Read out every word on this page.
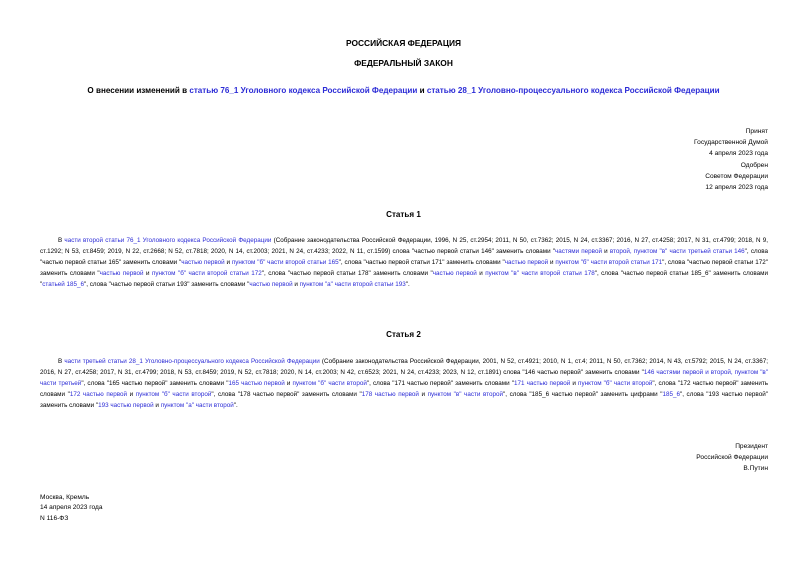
РОССИЙСКАЯ ФЕДЕРАЦИЯ
ФЕДЕРАЛЬНЫЙ ЗАКОН
О внесении изменений в статью 76_1 Уголовного кодекса Российской Федерации и статью 28_1 Уголовно-процессуального кодекса Российской Федерации
Принят
Государственной Думой
4 апреля 2023 года
Одобрен
Советом Федерации
12 апреля 2023 года
Статья 1
В части второй статьи 76_1 Уголовного кодекса Российской Федерации (Собрание законодательства Российской Федерации, 1996, N 25, ст.2954; 2011, N 50, ст.7362; 2015, N 24, ст.3367; 2016, N 27, ст.4258; 2017, N 31, ст.4799; 2018, N 9, ст.1292; N 53, ст.8459; 2019, N 22, ст.2668; N 52, ст.7818; 2020, N 14, ст.2003; 2021, N 24, ст.4233; 2022, N 11, ст.1599) слова "частью первой статьи 146" заменить словами "частями первой и второй, пунктом "в" части третьей статьи 146", слова "частью первой статьи 165" заменить словами "частью первой и пунктом "б" части второй статьи 165", слова "частью первой статьи 171" заменить словами "частью первой и пунктом "б" части второй статьи 171", слова "частью первой статьи 172" заменить словами "частью первой и пунктом "б" части второй статьи 172", слова "частью первой статьи 178" заменить словами "частью первой и пунктом "в" части второй статьи 178", слова "частью первой статьи 185_6" заменить словами "статьей 185_6", слова "частью первой статьи 193" заменить словами "частью первой и пунктом "а" части второй статьи 193".
Статья 2
В части третьей статьи 28_1 Уголовно-процессуального кодекса Российской Федерации (Собрание законодательства Российской Федерации, 2001, N 52, ст.4921; 2010, N 1, ст.4; 2011, N 50, ст.7362; 2014, N 43, ст.5792; 2015, N 24, ст.3367; 2016, N 27, ст.4258; 2017, N 31, ст.4799; 2018, N 53, ст.8459; 2019, N 52, ст.7818; 2020, N 14, ст.2003; N 42, ст.6523; 2021, N 24, ст.4233; 2023, N 12, ст.1891) слова "146 частью первой" заменить словами "146 частями первой и второй, пунктом "в" части третьей", слова "165 частью первой" заменить словами "165 частью первой и пунктом "б" части второй", слова "171 частью первой" заменить словами "171 частью первой и пунктом "б" части второй", слова "172 частью первой" заменить словами "172 частью первой и пунктом "б" части второй", слова "178 частью первой" заменить словами "178 частью первой и пунктом "в" части второй", слова "185_6 частью первой" заменить цифрами "185_6", слова "193 частью первой" заменить словами "193 частью первой и пунктом "а" части второй".
Президент
Российской Федерации
В.Путин
Москва, Кремль
14 апреля 2023 года
N 116-ФЗ
